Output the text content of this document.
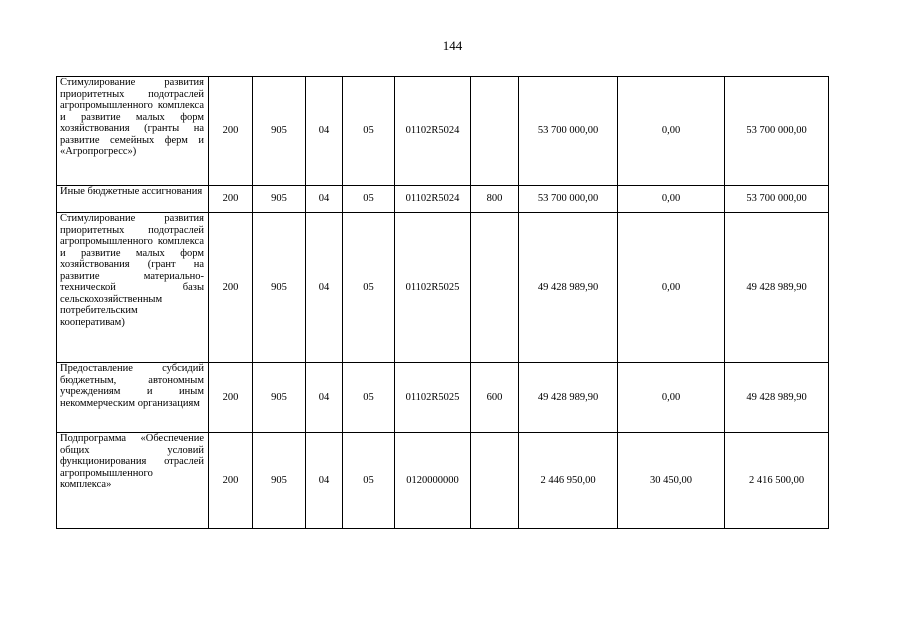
144
Стимулирование развития приоритетных подотраслей агропромышленного комплекса и развитие малых форм хозяйствования (гранты на развитие семейных ферм и «Агропрогресс»)	200	905	04	05	01102R5024		53 700 000,00	0,00	53 700 000,00
Иные бюджетные ассигнования	200	905	04	05	01102R5024	800	53 700 000,00	0,00	53 700 000,00
Стимулирование развития приоритетных подотраслей агропромышленного комплекса и развитие малых форм хозяйствования (грант на развитие материально-технической базы сельскохозяйственным потребительским кооперативам)	200	905	04	05	01102R5025		49 428 989,90	0,00	49 428 989,90
Предоставление субсидий бюджетным, автономным учреждениям и иным некоммерческим организациям	200	905	04	05	01102R5025	600	49 428 989,90	0,00	49 428 989,90
Подпрограмма «Обеспечение общих условий функционирования отраслей агропромышленного комплекса»	200	905	04	05	0120000000		2 446 950,00	30 450,00	2 416 500,00
